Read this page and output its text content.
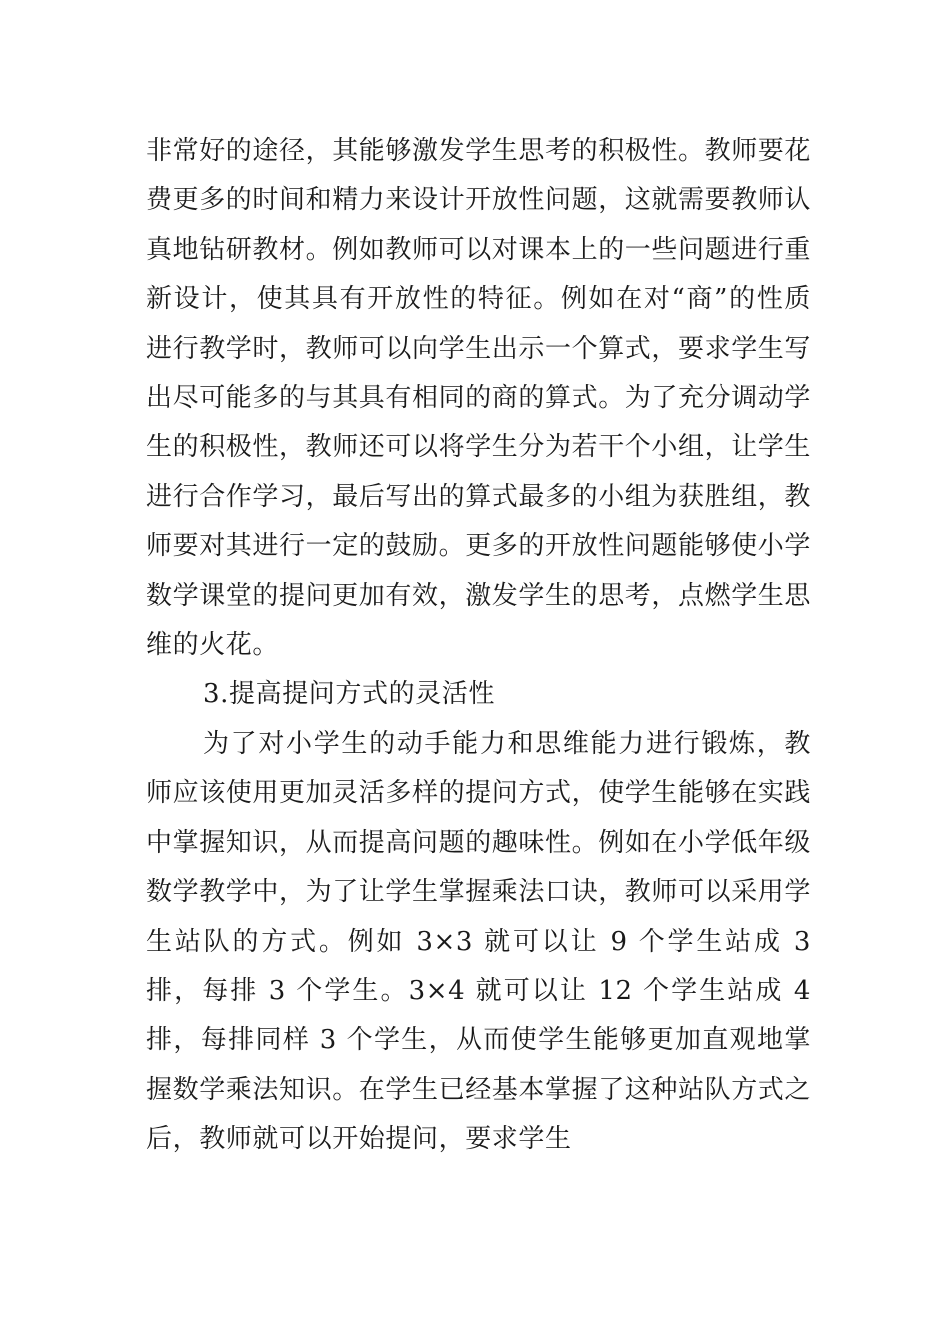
非常好的途径，其能够激发学生思考的积极性。教师要花费更多的时间和精力来设计开放性问题，这就需要教师认真地钻研教材。例如教师可以对课本上的一些问题进行重新设计，使其具有开放性的特征。例如在对“商”的性质进行教学时，教师可以向学生出示一个算式，要求学生写出尽可能多的与其具有相同的商的算式。为了充分调动学生的积极性，教师还可以将学生分为若干个小组，让学生进行合作学习，最后写出的算式最多的小组为获胜组，教师要对其进行一定的鼓励。更多的开放性问题能够使小学数学课堂的提问更加有效，激发学生的思考，点燃学生思维的火花。

3.提高提问方式的灵活性

为了对小学生的动手能力和思维能力进行锻炼，教师应该使用更加灵活多样的提问方式，使学生能够在实践中掌握知识，从而提高问题的趣味性。例如在小学低年级数学教学中，为了让学生掌握乘法口诀，教师可以采用学生站队的方式。例如 3×3 就可以让 9 个学生站成 3 排，每排 3 个学生。3×4 就可以让 12 个学生站成 4 排，每排同样 3 个学生，从而使学生能够更加直观地掌握数学乘法知识。在学生已经基本掌握了这种站队方式之后，教师就可以开始提问，要求学生
